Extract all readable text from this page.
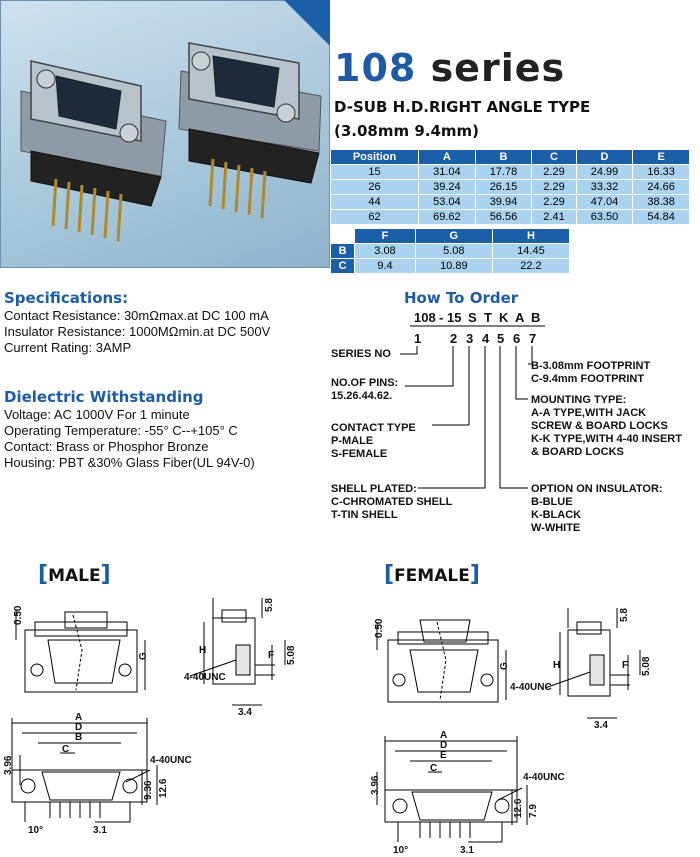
108 series
D-SUB H.D.RIGHT ANGLE TYPE
(3.08mm 9.4mm)
Position	A	B	C	D	E
15	31.04	17.78	2.29	24.99	16.33
26	39.24	26.15	2.29	33.32	24.66
44	53.04	39.94	2.29	47.04	38.38
62	69.62	56.56	2.41	63.50	54.84
	F	G	H
B	3.08	5.08	14.45
C	9.4	10.89	22.2
Specifications:
Contact Resistance: 30mΩmax.at DC 100 mA
Insulator Resistance: 1000MΩmin.at DC 500V
Current Rating: 3AMP
Dielectric Withstanding
Voltage: AC 1000V For 1 minute
Operating Temperature: -55° C--+105° C
Contact: Brass or Phosphor Bronze
Housing: PBT &30% Glass Fiber(UL 94V-0)
How To Order
108 - 15 S T K A B
1 2 3 4 5 6 7
SERIES NO
NO.OF PINS:
15.26.44.62.
CONTACT TYPE
P-MALE
S-FEMALE
SHELL PLATED:
C-CHROMATED SHELL
T-TIN SHELL
B-3.08mm FOOTPRINT
C-9.4mm FOOTPRINT
MOUNTING TYPE:
A-A TYPE,WITH JACK
SCREW & BOARD LOCKS
K-K TYPE,WITH 4-40 INSERT
& BOARD LOCKS
OPTION ON INSULATOR:
B-BLUE
K-BLACK
W-WHITE
[MALE]	[FEMALE]
0.50
G
5.8
H	F 5.08
4-40UNC
3.4
A
D
B
C
3.96	4-40UNC
9.36 12.6
10°	3.1
0.50
G
5.8
H	F 5.08
4-40UNC
3.4
A
D
E
C
3.96	4-40UNC
12.6 7.9
10°	3.1
